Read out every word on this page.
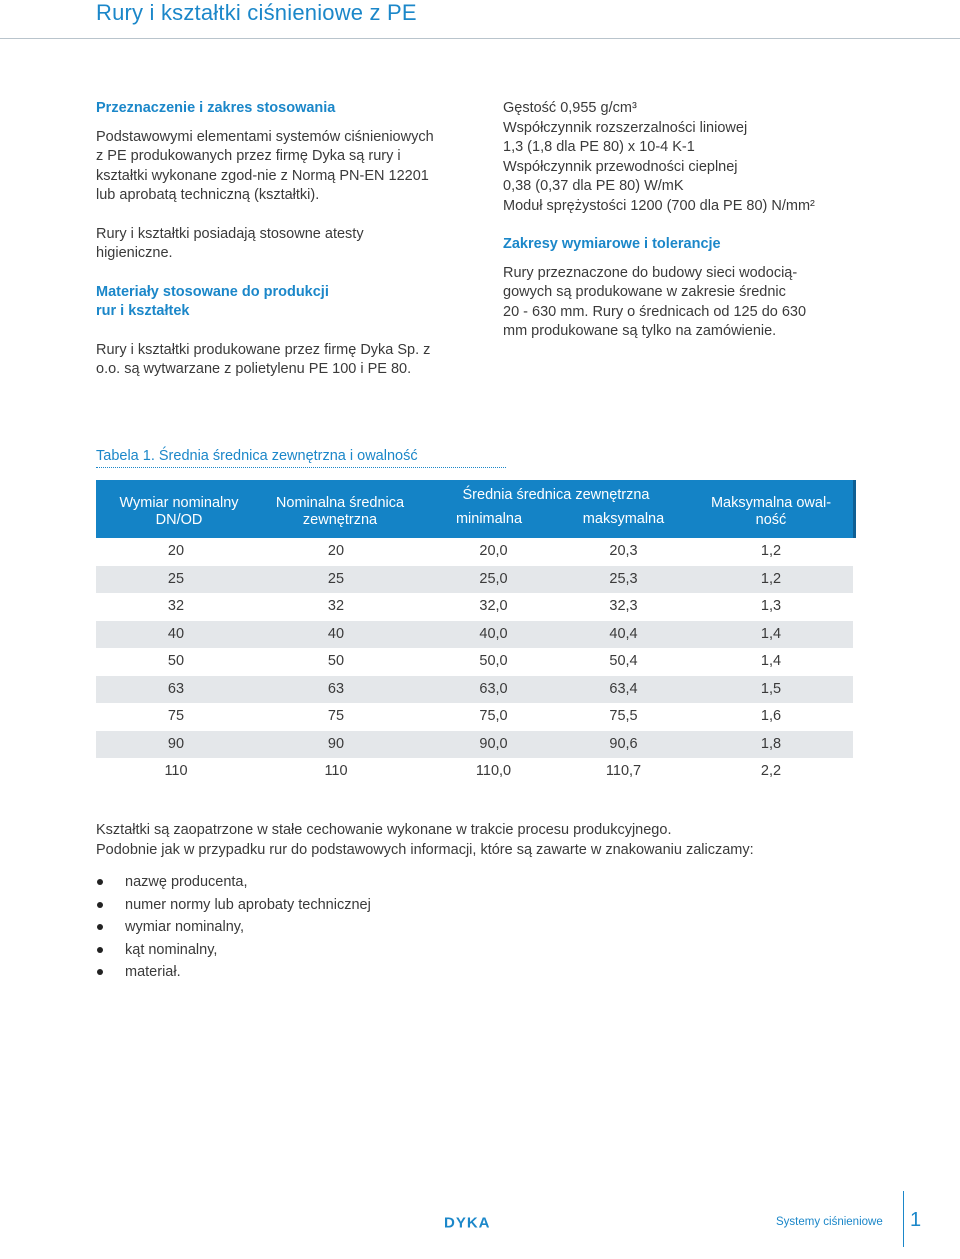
Rury i kształtki ciśnieniowe z PE
Przeznaczenie i zakres stosowania

Podstawowymi elementami systemów ciśnieniowych z PE produkowanych przez firmę Dyka są rury i kształtki wykonane zgod-nie z Normą PN-EN 12201 lub aprobatą techniczną (kształtki).

Rury i kształtki posiadają stosowne atesty higieniczne.

Materiały stosowane do produkcji
rur i kształtek

Rury i kształtki produkowane przez firmę Dyka Sp. z o.o. są wytwarzane z polietylenu PE 100 i PE 80.

Gęstość 0,955 g/cm³

Współczynnik rozszerzalności liniowej

1,3 (1,8 dla PE 80) x 10-4 K-1

Współczynnik przewodności cieplnej

0,38 (0,37 dla PE 80) W/mK

Moduł sprężystości 1200 (700 dla PE 80) N/mm²

Zakresy wymiarowe i tolerancje

Rury przeznaczone do budowy sieci wodocią-

gowych są produkowane w zakresie średnic

20 - 630 mm. Rury o średnicach od 125 do 630

mm produkowane są tylko na zamówienie.

Tabela 1. Średnia średnica zewnętrzna i owalność
Wymiar nominalny DN/OD
Nominalna średnica zewnętrzna
Średnia średnica zewnętrzna
minimalna	maksymalna
Maksymalna owal-ność
20	20	20,0	20,3	1,2
25	25	25,0	25,3	1,2
32	32	32,0	32,3	1,3
40	40	40,0	40,4	1,4
50	50	50,0	50,4	1,4
63	63	63,0	63,4	1,5
75	75	75,0	75,5	1,6
90	90	90,0	90,6	1,8
110	110	110,0	110,7	2,2

Kształtki są zaopatrzone w stałe cechowanie wykonane w trakcie procesu produkcyjnego.

Podobnie jak w przypadku rur do podstawowych informacji, które są zawarte w znakowaniu zaliczamy:

nazwę producenta,
numer normy lub aprobaty technicznej
wymiar nominalny,
kąt nominalny,
materiał.
DYKA	Systemy ciśnieniowe 1
